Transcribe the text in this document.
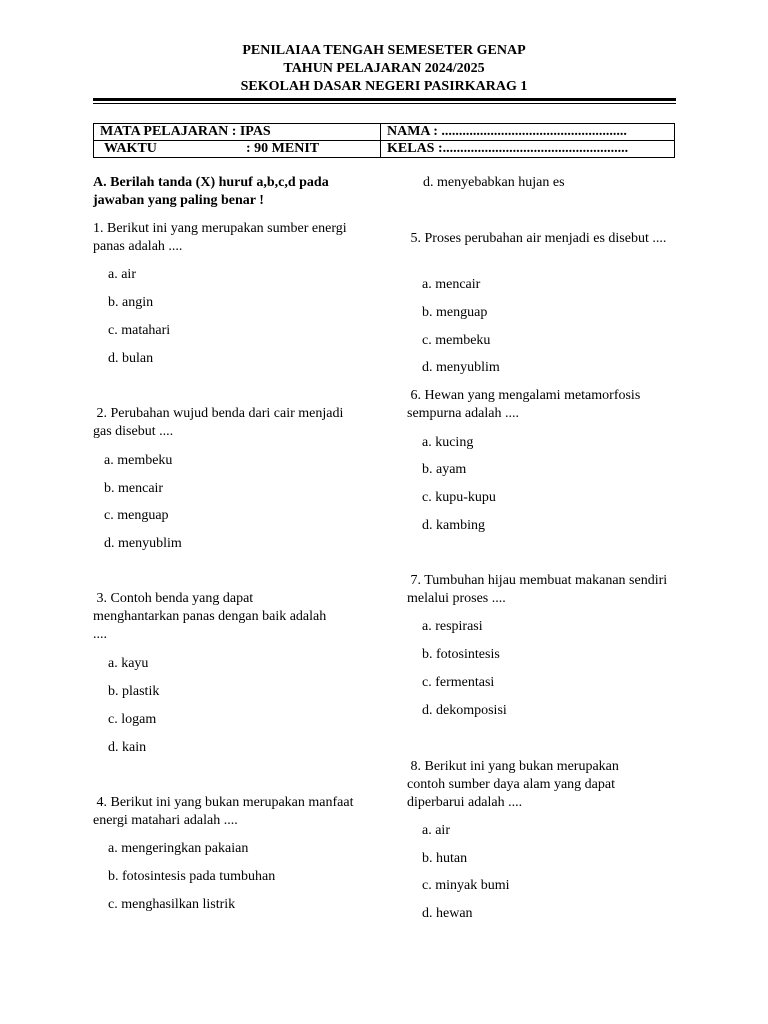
PENILAIAA TENGAH SEMESETER GENAP
TAHUN PELAJARAN 2024/2025
SEKOLAH DASAR NEGERI PASIRKARAG 1
MATA PELAJARAN : IPAS	NAMA : .....................................................
WAKTU : 90 MENIT	KELAS :.....................................................

A. Berilah tanda (X) huruf a,b,c,d pada jawaban yang paling benar !

1. Berikut ini yang merupakan sumber energi panas adalah ....

a. air
b. angin
c. matahari
d. bulan

2. Perubahan wujud benda dari cair menjadi gas disebut ....

a. membeku
b. mencair
c. menguap
d. menyublim

3. Contoh benda yang dapat menghantarkan panas dengan baik adalah ....

a. kayu
b. plastik
c. logam
d. kain

4. Berikut ini yang bukan merupakan manfaat energi matahari adalah ....

a. mengeringkan pakaian
b. fotosintesis pada tumbuhan
c. menghasilkan listrik
d. menyebabkan hujan es

5. Proses perubahan air menjadi es disebut ....

a. mencair
b. menguap
c. membeku
d. menyublim

6. Hewan yang mengalami metamorfosis sempurna adalah ....

a. kucing
b. ayam
c. kupu-kupu
d. kambing

7. Tumbuhan hijau membuat makanan sendiri melalui proses ....

a. respirasi
b. fotosintesis
c. fermentasi
d. dekomposisi

8. Berikut ini yang bukan merupakan contoh sumber daya alam yang dapat diperbarui adalah ....

a. air
b. hutan
c. minyak bumi
d. hewan
